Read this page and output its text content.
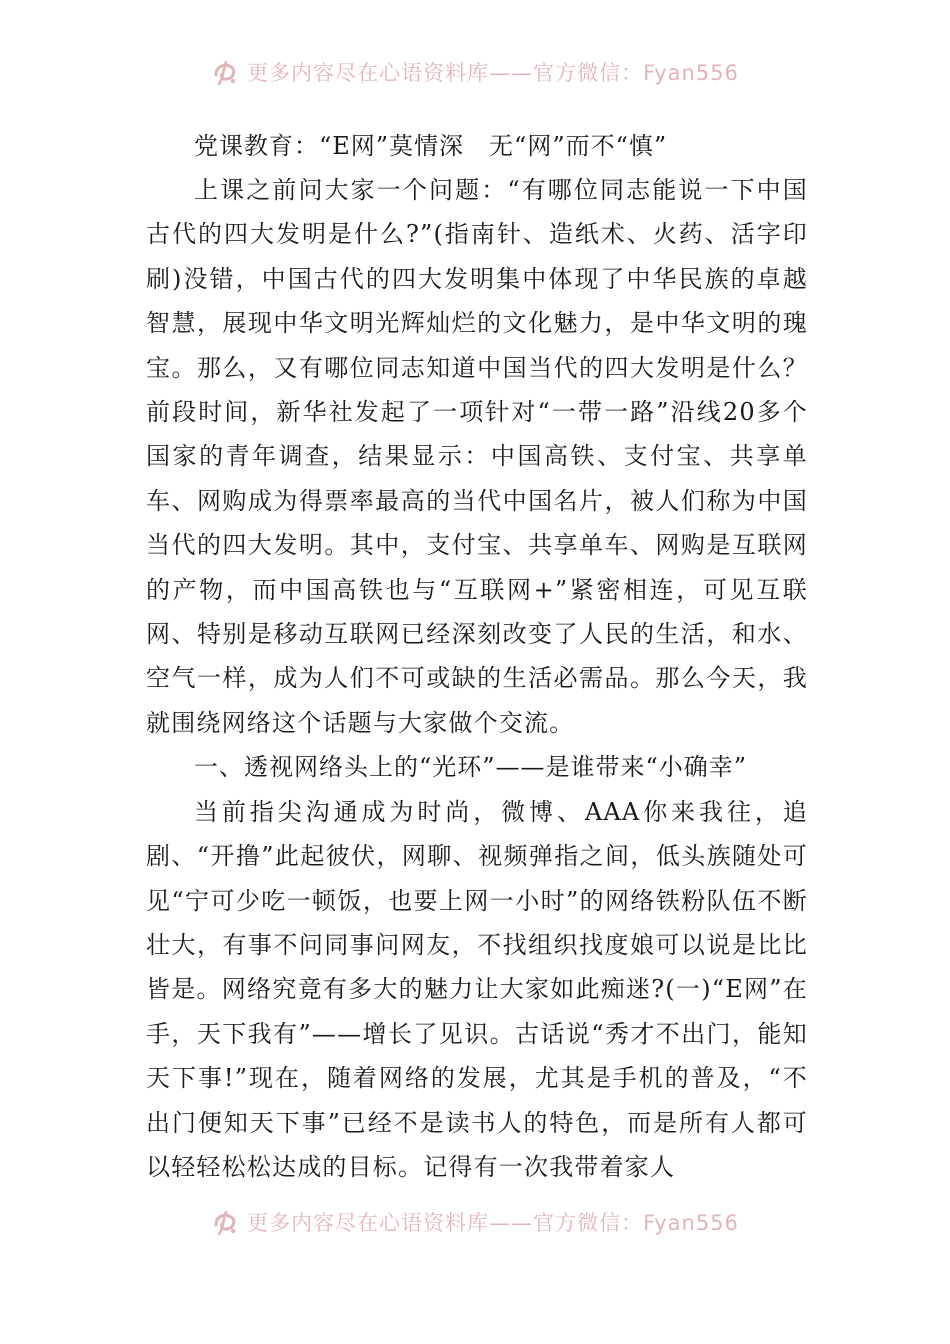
更多内容尽在心语资料库——官方微信：Fyan556
党课教育：“E网”莫情深　无“网”而不“慎”

上课之前问大家一个问题：“有哪位同志能说一下中国古代的四大发明是什么?”(指南针、造纸术、火药、活字印刷)没错，中国古代的四大发明集中体现了中华民族的卓越智慧，展现中华文明光辉灿烂的文化魅力，是中华文明的瑰宝。那么，又有哪位同志知道中国当代的四大发明是什么？前段时间，新华社发起了一项针对“一带一路”沿线20多个国家的青年调查，结果显示：中国高铁、支付宝、共享单车、网购成为得票率最高的当代中国名片，被人们称为中国当代的四大发明。其中，支付宝、共享单车、网购是互联网的产物，而中国高铁也与“互联网+”紧密相连，可见互联网、特别是移动互联网已经深刻改变了人民的生活，和水、空气一样，成为人们不可或缺的生活必需品。那么今天，我就围绕网络这个话题与大家做个交流。

一、透视网络头上的“光环”——是谁带来“小确幸”

当前指尖沟通成为时尚，微博、AAA你来我往，追剧、“开撸”此起彼伏，网聊、视频弹指之间，低头族随处可见“宁可少吃一顿饭，也要上网一小时”的网络铁粉队伍不断壮大，有事不问同事问网友，不找组织找度娘可以说是比比皆是。网络究竟有多大的魅力让大家如此痴迷?(一)“E网”在手，天下我有”——增长了见识。古话说“秀才不出门，能知天下事!”现在，随着网络的发展，尤其是手机的普及，“不出门便知天下事”已经不是读书人的特色，而是所有人都可以轻轻松松达成的目标。记得有一次我带着家人

更多内容尽在心语资料库——官方微信：Fyan556
